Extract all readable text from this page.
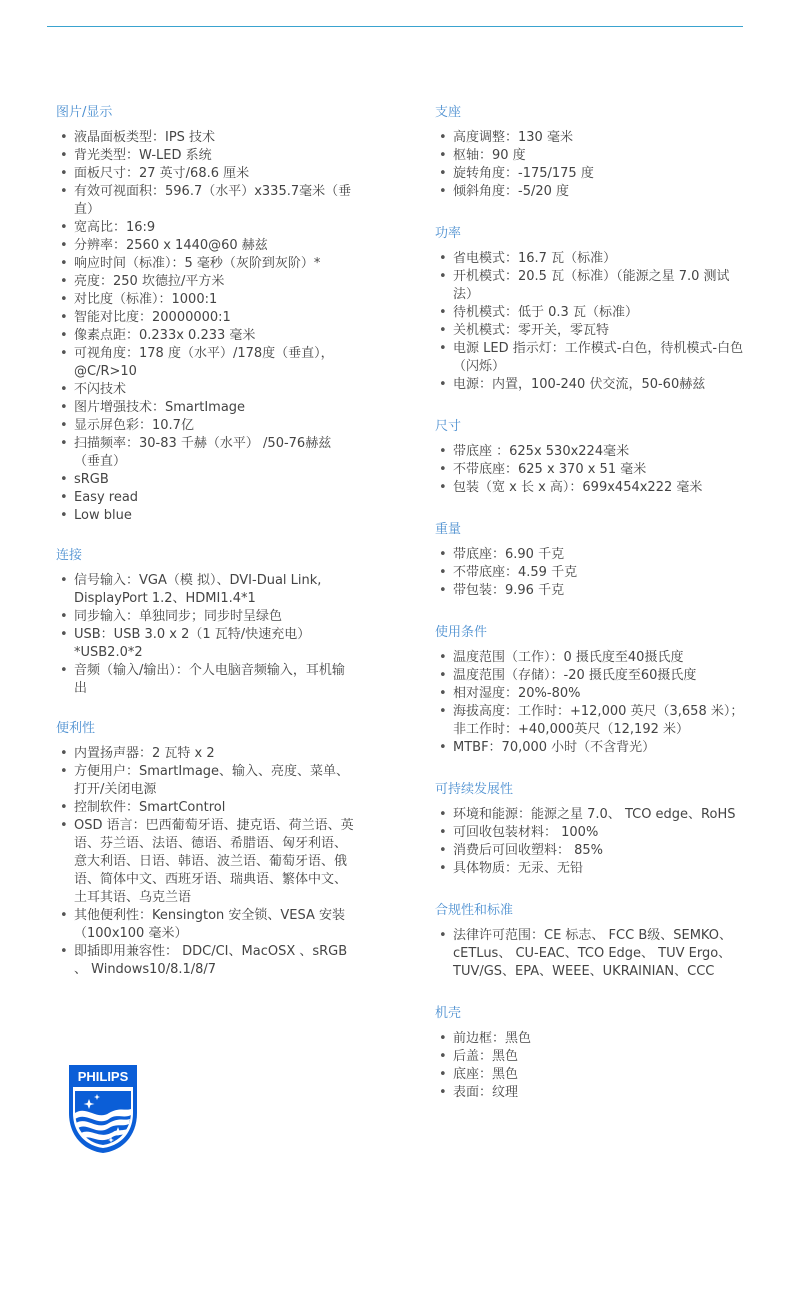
图片/显示
• 液晶面板类型：IPS 技术
• 背光类型：W-LED 系统
• 面板尺寸：27 英寸/68.6 厘米
• 有效可视面积：596.7（水平）x335.7毫米（垂直）
• 宽高比：16:9
• 分辨率：2560 x 1440@60 赫兹
• 响应时间（标准）：5 毫秒（灰阶到灰阶）*
• 亮度：250 坎德拉/平方米
• 对比度（标准）：1000:1
• 智能对比度：20000000:1
• 像素点距：0.233x 0.233 毫米
• 可视角度：178 度（水平）/178度（垂直），@C/R>10
• 不闪技术
• 图片增强技术：SmartImage
• 显示屏色彩：10.7亿
• 扫描频率：30-83 千赫（水平） /50-76赫兹（垂直）
• sRGB
• Easy read
• Low blue
连接
• 信号输入：VGA（模 拟）、DVI-Dual Link, DisplayPort 1.2、HDMI1.4*1
• 同步输入：单独同步；同步时呈绿色
• USB：USB 3.0 x 2（1 瓦特/快速充电）*USB2.0*2
• 音频（输入/输出）：个人电脑音频输入，耳机输出
便利性
• 内置扬声器：2 瓦特 x 2
• 方便用户：SmartImage、输入、亮度、菜单、打开/关闭电源
• 控制软件：SmartControl
• OSD 语言：巴西葡萄牙语、捷克语、荷兰语、英语、芬兰语、法语、德语、希腊语、匈牙利语、意大利语、日语、韩语、波兰语、葡萄牙语、俄语、简体中文、西班牙语、瑞典语、繁体中文、土耳其语、乌克兰语
• 其他便利性：Kensington 安全锁、VESA 安装（100x100 毫米）
• 即插即用兼容性： DDC/CI、MacOSX 、sRGB 、 Windows10/8.1/8/7
支座
• 高度调整：130 毫米
• 枢轴：90 度
• 旋转角度：-175/175 度
• 倾斜角度：-5/20 度
功率
• 省电模式：16.7 瓦（标准）
• 开机模式：20.5 瓦（标准）（能源之星 7.0 测试法）
• 待机模式：低于 0.3 瓦（标准）
• 关机模式：零开关，零瓦特
• 电源 LED 指示灯：工作模式-白色，待机模式-白色（闪烁）
• 电源：内置，100-240 伏交流，50-60赫兹
尺寸
• 带底座 ：625x 530x224毫米
• 不带底座：625 x 370 x 51 毫米
• 包装（宽 x 长 x 高）：699x454x222 毫米
重量
• 带底座：6.90 千克
• 不带底座：4.59 千克
• 带包装：9.96 千克
使用条件
• 温度范围（工作）：0 摄氏度至40摄氏度
• 温度范围（存储）：-20 摄氏度至60摄氏度
• 相对湿度：20%-80%
• 海拔高度：工作时：+12,000 英尺（3,658 米）；非工作时：+40,000英尺（12,192 米）
• MTBF：70,000 小时（不含背光）
可持续发展性
• 环境和能源：能源之星 7.0、 TCO edge、RoHS
• 可回收包装材料： 100%
• 消费后可回收塑料： 85%
• 具体物质：无汞、无铅
合规性和标准
• 法律许可范围：CE 标志、 FCC B级、SEMKO、 cETLus、 CU-EAC、TCO Edge、 TUV Ergo、 TUV/GS、EPA、WEEE、UKRAINIAN、CCC
机壳
• 前边框：黑色
• 后盖：黑色
• 底座：黑色
• 表面：纹理
PHILIPS
